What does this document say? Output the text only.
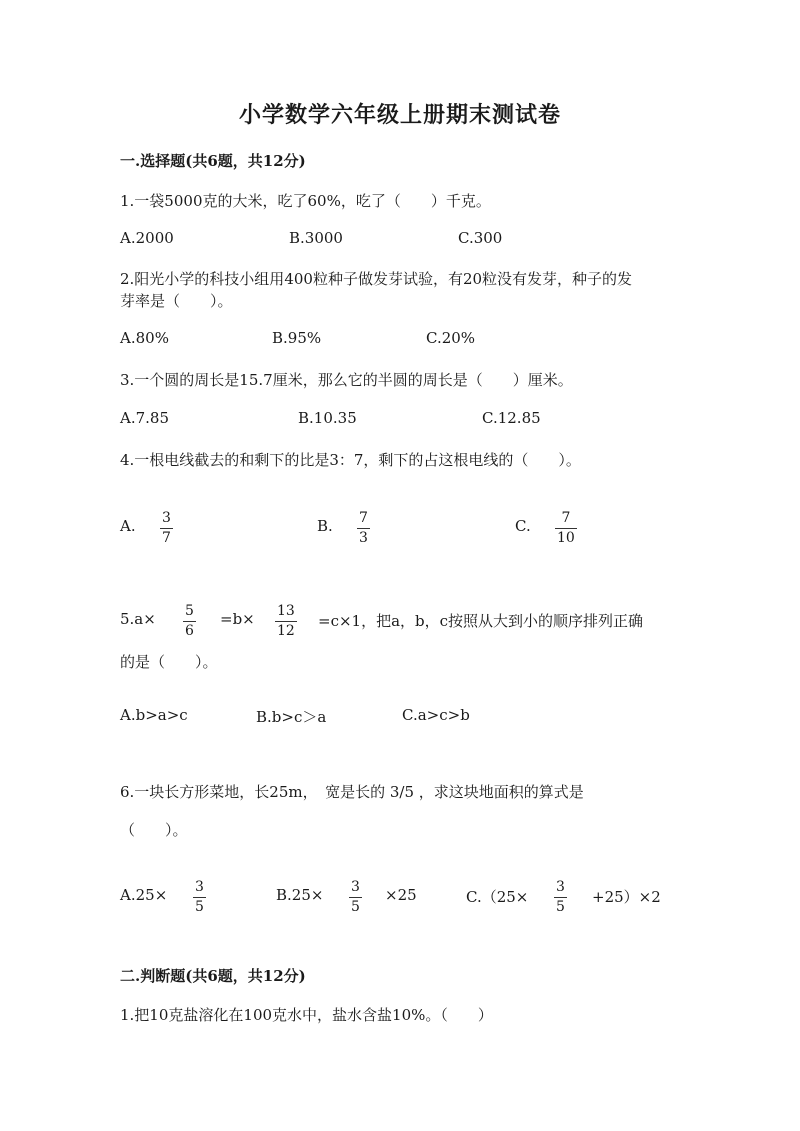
小学数学六年级上册期末测试卷
一.选择题(共6题，共12分)
1.一袋5000克的大米，吃了60%，吃了（　　）千克。
A.2000	B.3000	C.300
2.阳光小学的科技小组用400粒种子做发芽试验，有20粒没有发芽，种子的发
芽率是（　　）。
A.80%	B.95%	C.20%
3.一个圆的周长是15.7厘米，那么它的半圆的周长是（　　）厘米。
A.7.85	B.10.35	C.12.85
4.一根电线截去的和剩下的比是3：7，剩下的占这根电线的（　　）。
A. 3
7
B. 7
3
C. 7
10
5.a× 5
6
=b× 13
12
=c×1，把a，b，c按照从大到小的顺序排列正确
的是（　　）。
A.b>a>c	B.b>c＞a	C.a>c>b
6.一块长方形菜地，长25m，　宽是长的 3/5 ，求这块地面积的算式是
（　　）。
A.25× 3
5
B.25× 3
5
×25	C.（25×
3
5
+25）×2
二.判断题(共6题，共12分)
1.把10克盐溶化在100克水中，盐水含盐10%。（　　）
